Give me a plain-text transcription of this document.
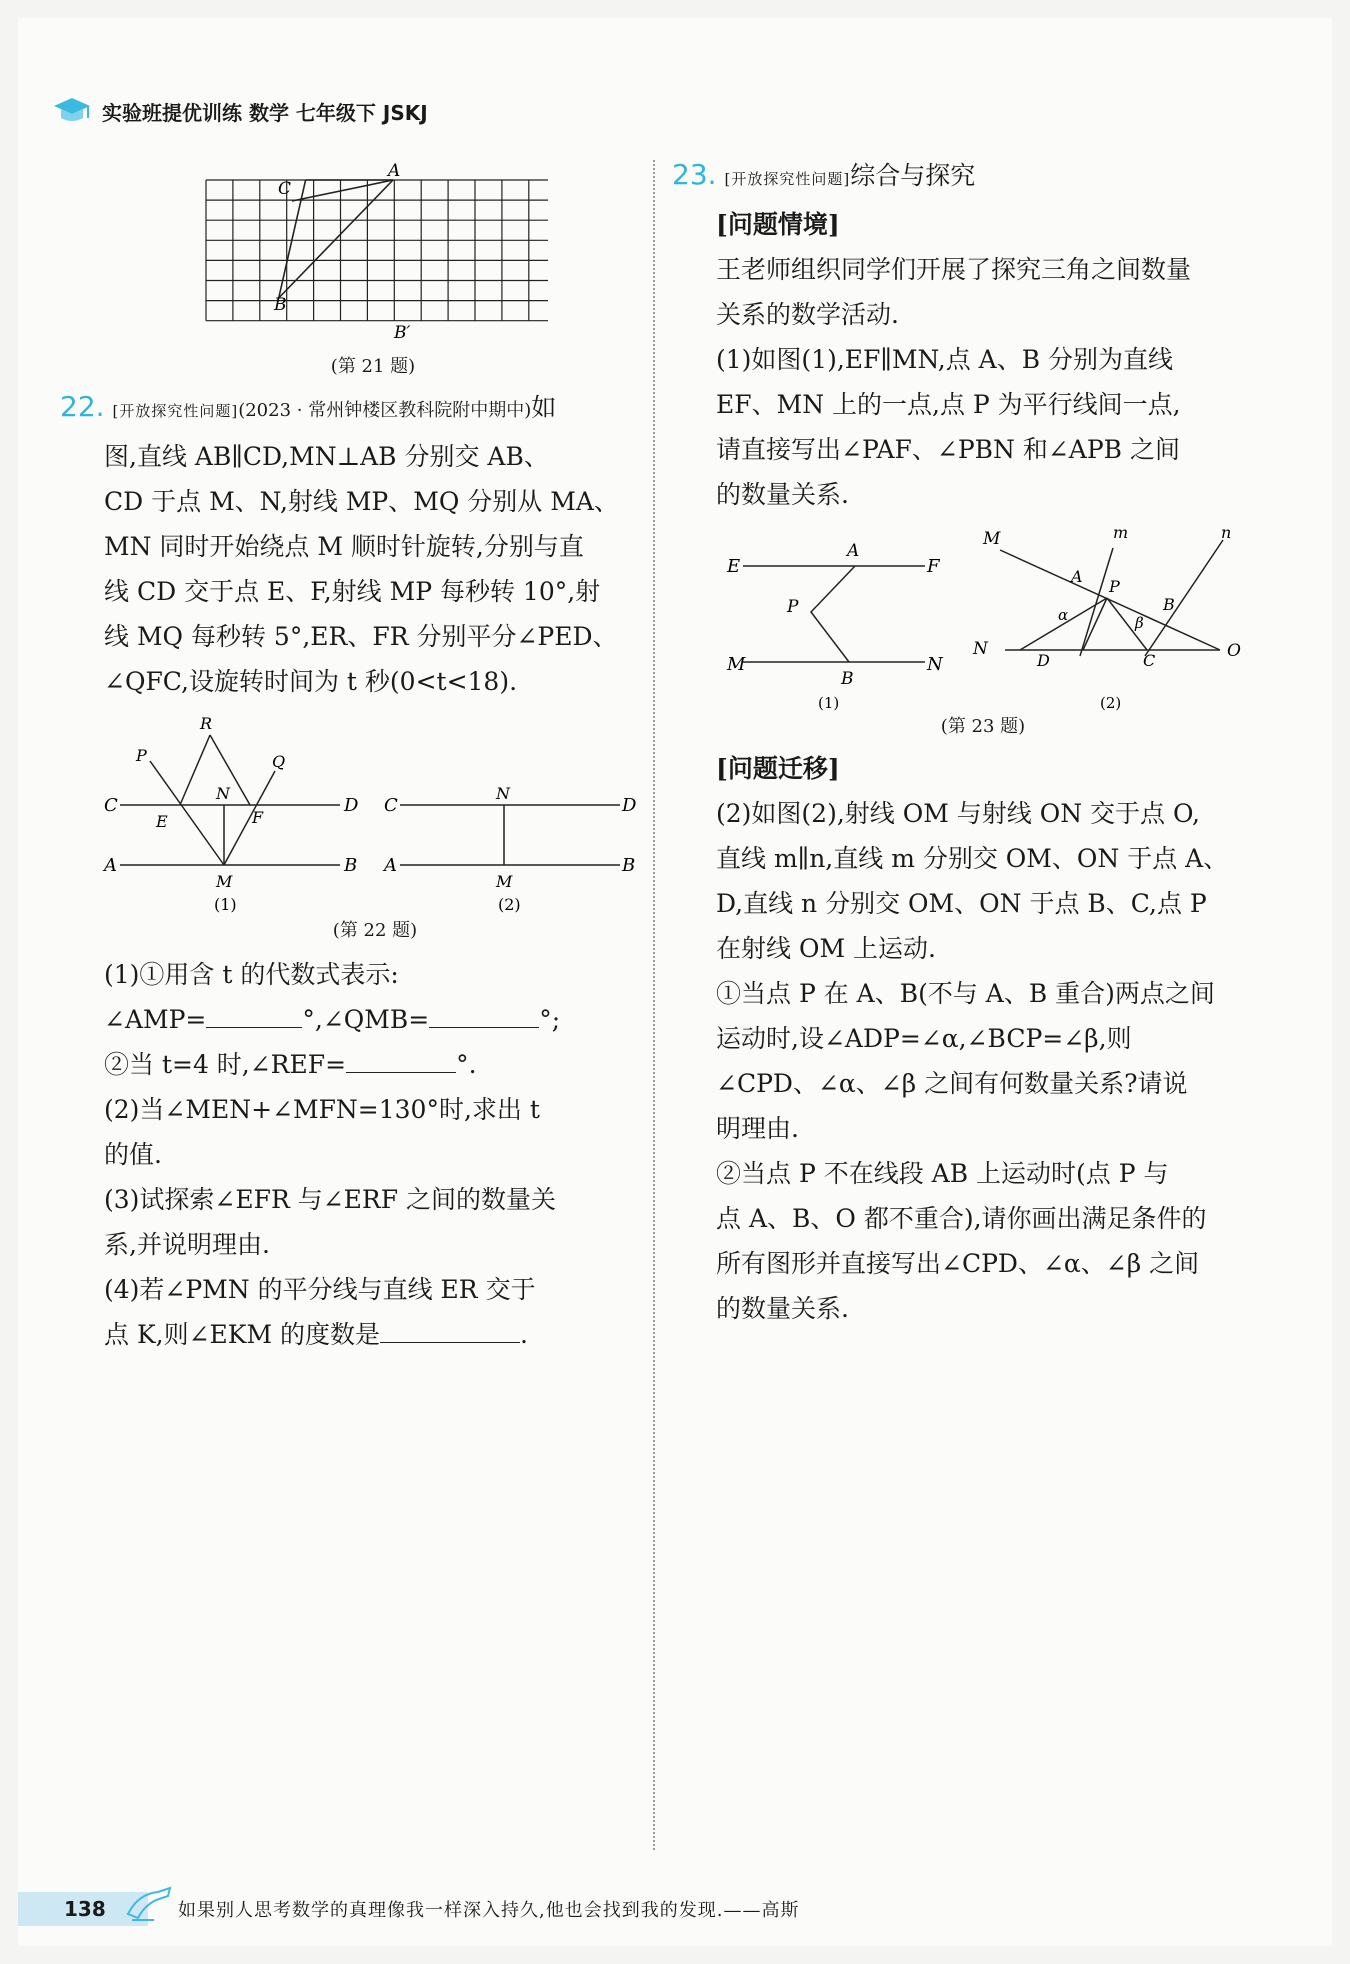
实验班提优训练 数学 七年级下 JSKJ
B
C
A
B′
(第 21 题)

22. [开放探究性问题](2023 · 常州钟楼区教科院附中期中)如

图,直线 AB∥CD,MN⊥AB 分别交 AB、

CD 于点 M、N,射线 MP、MQ 分别从 MA、

MN 同时开始绕点 M 顺时针旋转,分别与直

线 CD 交于点 E、F,射线 MP 每秒转 10°,射

线 MQ 每秒转 5°,ER、FR 分别平分∠PED、

∠QFC,设旋转时间为 t 秒(0<t<18).

C	D
A	B
M
N
E	F
P	Q
R
C	D
A	B
M
N
(1)	(2)
(第 22 题)

(1)①用含 t 的代数式表示:

∠AMP=	°,∠QMB=	°;

②当 t=4 时,∠REF=	°.

(2)当∠MEN+∠MFN=130°时,求出 t

的值.

(3)试探索∠EFR 与∠ERF 之间的数量关

系,并说明理由.

(4)若∠PMN 的平分线与直线 ER 交于

点 K,则∠EKM 的度数是	.

23. [开放探究性问题]综合与探究

[问题情境]

王老师组织同学们开展了探究三角之间数量

关系的数学活动.

(1)如图(1),EF∥MN,点 A、B 分别为直线

EF、MN 上的一点,点 P 为平行线间一点,

请直接写出∠PAF、∠PBN 和∠APB 之间

的数量关系.

E	F
A
P
M	N
B
(1)
M	m	n
A
P
B
N
D	C	O
α	β
(2)
(第 23 题)

[问题迁移]

(2)如图(2),射线 OM 与射线 ON 交于点 O,

直线 m∥n,直线 m 分别交 OM、ON 于点 A、

D,直线 n 分别交 OM、ON 于点 B、C,点 P

在射线 OM 上运动.

①当点 P 在 A、B(不与 A、B 重合)两点之间

运动时,设∠ADP=∠α,∠BCP=∠β,则

∠CPD、∠α、∠β 之间有何数量关系?请说

明理由.

②当点 P 不在线段 AB 上运动时(点 P 与

点 A、B、O 都不重合),请你画出满足条件的

所有图形并直接写出∠CPD、∠α、∠β 之间

的数量关系.

138	如果别人思考数学的真理像我一样深入持久,他也会找到我的发现.——高斯
